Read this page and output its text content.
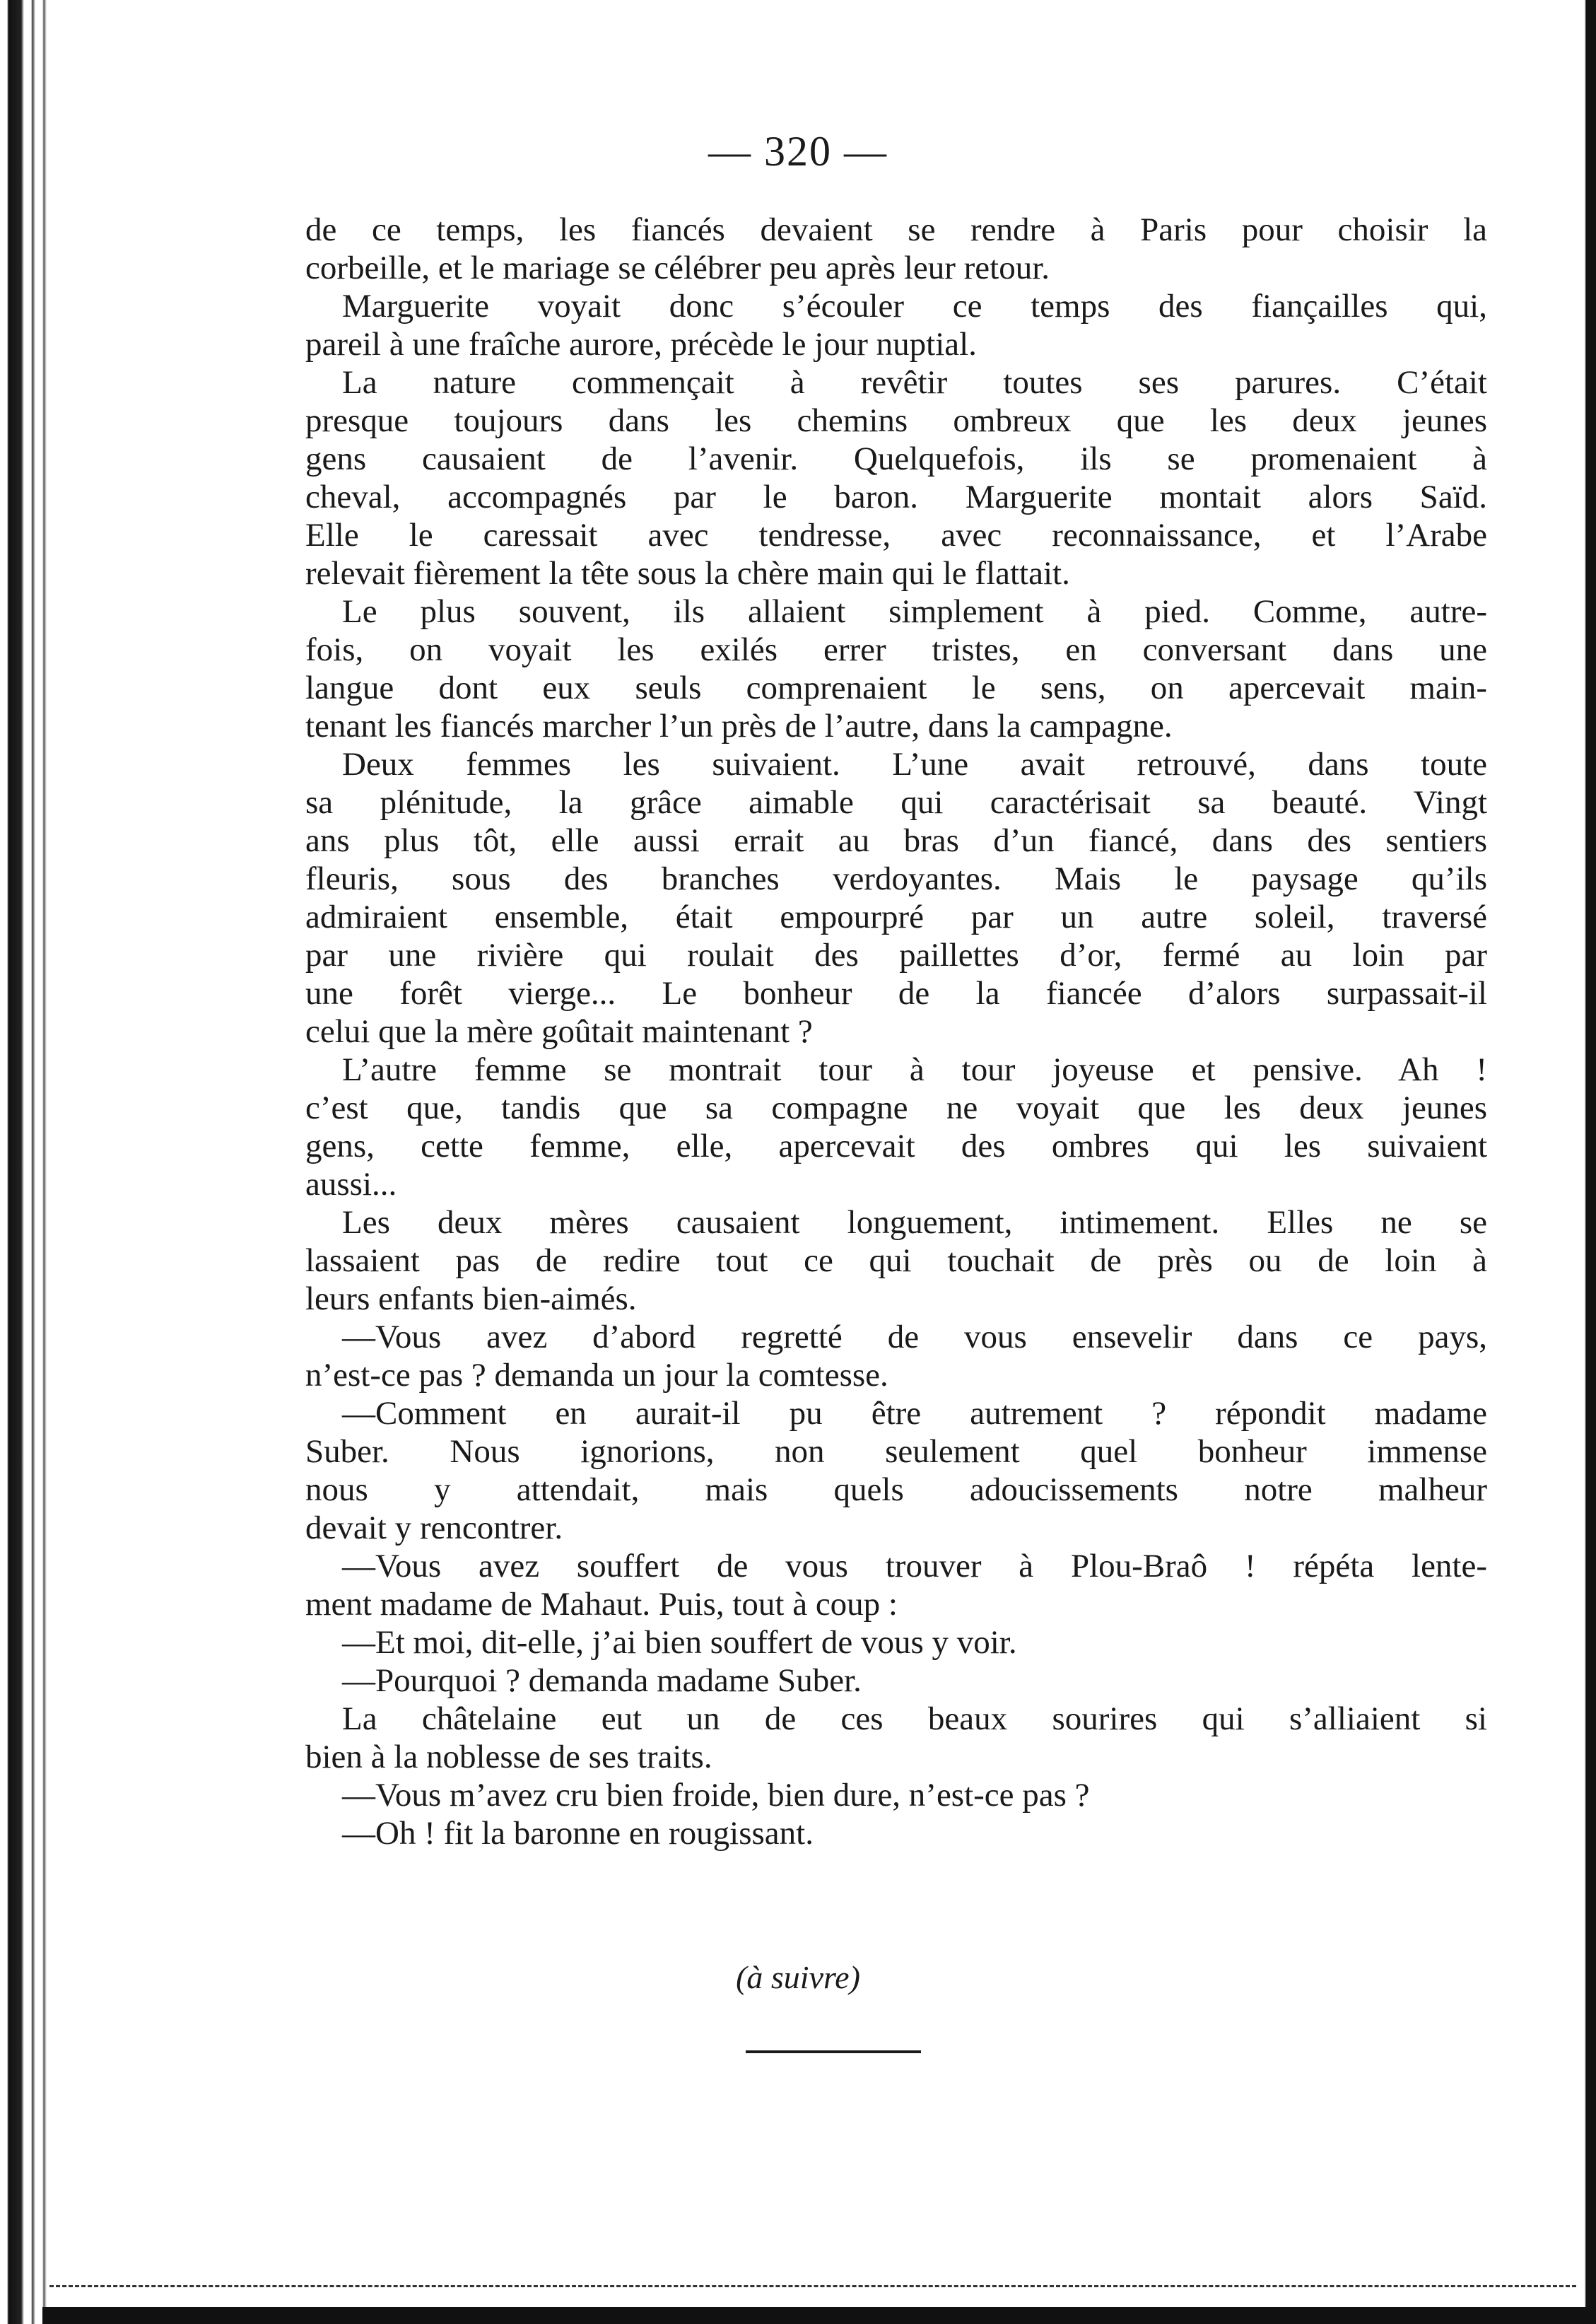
— 320 —
de ce temps, les fiancés devaient se rendre à Paris pour choisir la
corbeille, et le mariage se célébrer peu après leur retour.
Marguerite voyait donc s’écouler ce temps des fiançailles qui,
pareil à une fraîche aurore, précède le jour nuptial.
La nature commençait à revêtir toutes ses parures. C’était
presque toujours dans les chemins ombreux que les deux jeunes
gens causaient de l’avenir. Quelquefois, ils se promenaient à
cheval, accompagnés par le baron. Marguerite montait alors Saïd.
Elle le caressait avec tendresse, avec reconnaissance, et l’Arabe
relevait fièrement la tête sous la chère main qui le flattait.
Le plus souvent, ils allaient simplement à pied. Comme, autre-
fois, on voyait les exilés errer tristes, en conversant dans une
langue dont eux seuls comprenaient le sens, on apercevait main-
tenant les fiancés marcher l’un près de l’autre, dans la campagne.
Deux femmes les suivaient. L’une avait retrouvé, dans toute
sa plénitude, la grâce aimable qui caractérisait sa beauté. Vingt
ans plus tôt, elle aussi errait au bras d’un fiancé, dans des sentiers
fleuris, sous des branches verdoyantes. Mais le paysage qu’ils
admiraient ensemble, était empourpré par un autre soleil, traversé
par une rivière qui roulait des paillettes d’or, fermé au loin par
une forêt vierge... Le bonheur de la fiancée d’alors surpassait-il
celui que la mère goûtait maintenant ?
L’autre femme se montrait tour à tour joyeuse et pensive. Ah !
c’est que, tandis que sa compagne ne voyait que les deux jeunes
gens, cette femme, elle, apercevait des ombres qui les suivaient
aussi...
Les deux mères causaient longuement, intimement. Elles ne se
lassaient pas de redire tout ce qui touchait de près ou de loin à
leurs enfants bien-aimés.
—Vous avez d’abord regretté de vous ensevelir dans ce pays,
n’est-ce pas ? demanda un jour la comtesse.
—Comment en aurait-il pu être autrement ? répondit madame
Suber. Nous ignorions, non seulement quel bonheur immense
nous y attendait, mais quels adoucissements notre malheur
devait y rencontrer.
—Vous avez souffert de vous trouver à Plou-Braô ! répéta lente-
ment madame de Mahaut. Puis, tout à coup :
—Et moi, dit-elle, j’ai bien souffert de vous y voir.
—Pourquoi ? demanda madame Suber.
La châtelaine eut un de ces beaux sourires qui s’alliaient si
bien à la noblesse de ses traits.
—Vous m’avez cru bien froide, bien dure, n’est-ce pas ?
—Oh ! fit la baronne en rougissant.
(à suivre)
